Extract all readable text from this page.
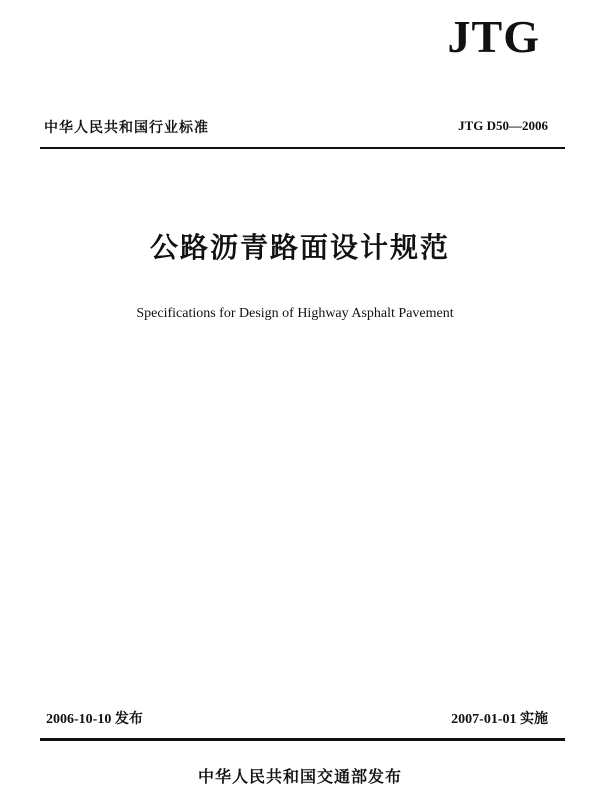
JTG
中华人民共和国行业标准	JTG D50—2006
公路沥青路面设计规范
Specifications for Design of Highway Asphalt Pavement
2006-10-10 发布	2007-01-01 实施
中华人民共和国交通部发布
